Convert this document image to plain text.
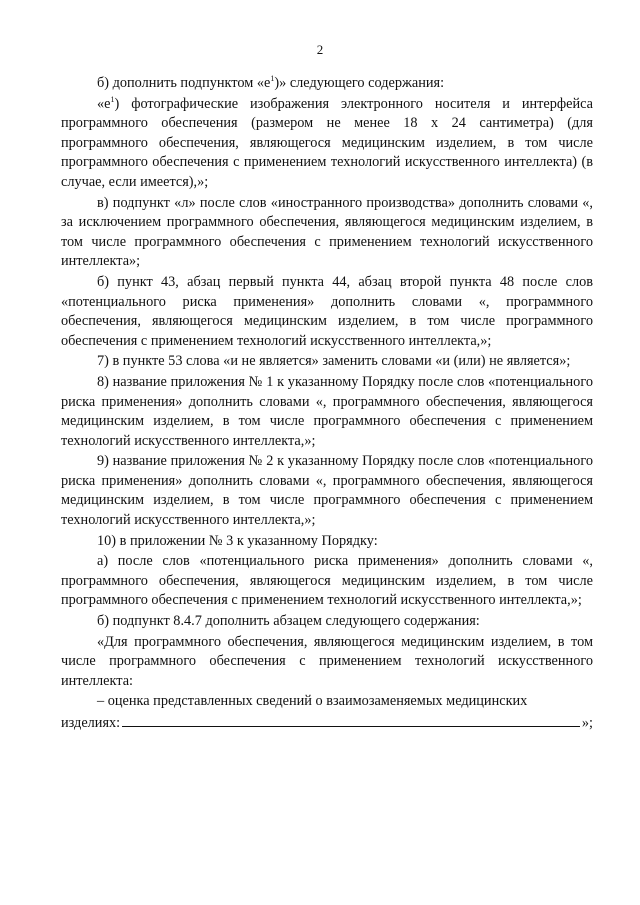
2

б) дополнить подпунктом «$е^1$)» следующего содержания:

«$е^1$) фотографические изображения электронного носителя и интерфейса программного обеспечения (размером не менее 18 x 24 сантиметра) (для программного обеспечения, являющегося медицинским изделием, в том числе программного обеспечения с применением технологий искусственного интеллекта) (в случае, если имеется),»;

в) подпункт «л» после слов «иностранного производства» дополнить словами «, за исключением программного обеспечения, являющегося медицинским изделием, в том числе программного обеспечения с применением технологий искусственного интеллекта»;

б) пункт 43, абзац первый пункта 44, абзац второй пункта 48 после слов «потенциального риска применения» дополнить словами «, программного обеспечения, являющегося медицинским изделием, в том числе программного обеспечения с применением технологий искусственного интеллекта,»;

7) в пункте 53 слова «и не является» заменить словами «и (или) не является»;

8) название приложения № 1 к указанному Порядку после слов «потенциального риска применения» дополнить словами «, программного обеспечения, являющегося медицинским изделием, в том числе программного обеспечения с применением технологий искусственного интеллекта,»;

9) название приложения № 2 к указанному Порядку после слов «потенциального риска применения» дополнить словами «, программного обеспечения, являющегося медицинским изделием, в том числе программного обеспечения с применением технологий искусственного интеллекта,»;

10) в приложении № 3 к указанному Порядку:

а) после слов «потенциального риска применения» дополнить словами «, программного обеспечения, являющегося медицинским изделием, в том числе программного обеспечения с применением технологий искусственного интеллекта,»;

б) подпункт 8.4.7 дополнить абзацем следующего содержания:

«Для программного обеспечения, являющегося медицинским изделием, в том числе программного обеспечения с применением технологий искусственного интеллекта:

– оценка представленных сведений о взаимозаменяемых медицинских

изделиях:	»;
